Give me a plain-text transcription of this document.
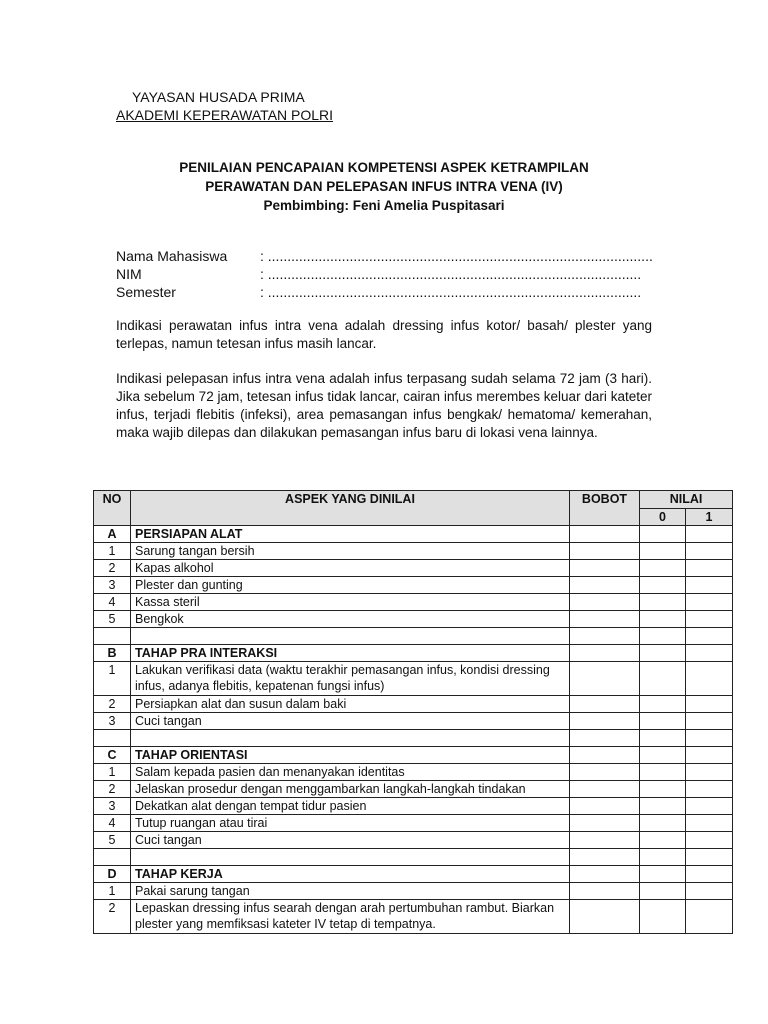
YAYASAN HUSADA PRIMA
AKADEMI KEPERAWATAN POLRI
PENILAIAN PENCAPAIAN KOMPETENSI ASPEK KETRAMPILAN
PERAWATAN DAN PELEPASAN INFUS INTRA VENA (IV)
Pembimbing: Feni Amelia Puspitasari
Nama Mahasiswa	: ...................................................................................................
NIM	: ................................................................................................
Semester	: ................................................................................................
Indikasi perawatan infus intra vena adalah dressing infus kotor/ basah/ plester yang terlepas, namun tetesan infus masih lancar.
Indikasi pelepasan infus intra vena adalah infus terpasang sudah selama 72 jam (3 hari). Jika sebelum 72 jam, tetesan infus tidak lancar, cairan infus merembes keluar dari kateter infus, terjadi flebitis (infeksi), area pemasangan infus bengkak/ hematoma/ kemerahan, maka wajib dilepas dan dilakukan pemasangan infus baru di lokasi vena lainnya.
NO	ASPEK YANG DINILAI	BOBOT	NILAI	
			0	1
A	PERSIAPAN ALAT			
1	Sarung tangan bersih			
2	Kapas alkohol			
3	Plester dan gunting			
4	Kassa steril			
5	Bengkok			

B	TAHAP PRA INTERAKSI			
1	Lakukan verifikasi data (waktu terakhir pemasangan infus, kondisi dressing infus, adanya flebitis, kepatenan fungsi infus)			
2	Persiapkan alat dan susun dalam baki			
3	Cuci tangan			

C	TAHAP ORIENTASI			
1	Salam kepada pasien dan menanyakan identitas			
2	Jelaskan prosedur dengan menggambarkan langkah-langkah tindakan			
3	Dekatkan alat dengan tempat tidur pasien			
4	Tutup ruangan atau tirai			
5	Cuci tangan			

D	TAHAP KERJA			
1	Pakai sarung tangan			
2	Lepaskan dressing infus searah dengan arah pertumbuhan rambut. Biarkan plester yang memfiksasi kateter IV tetap di tempatnya.			
